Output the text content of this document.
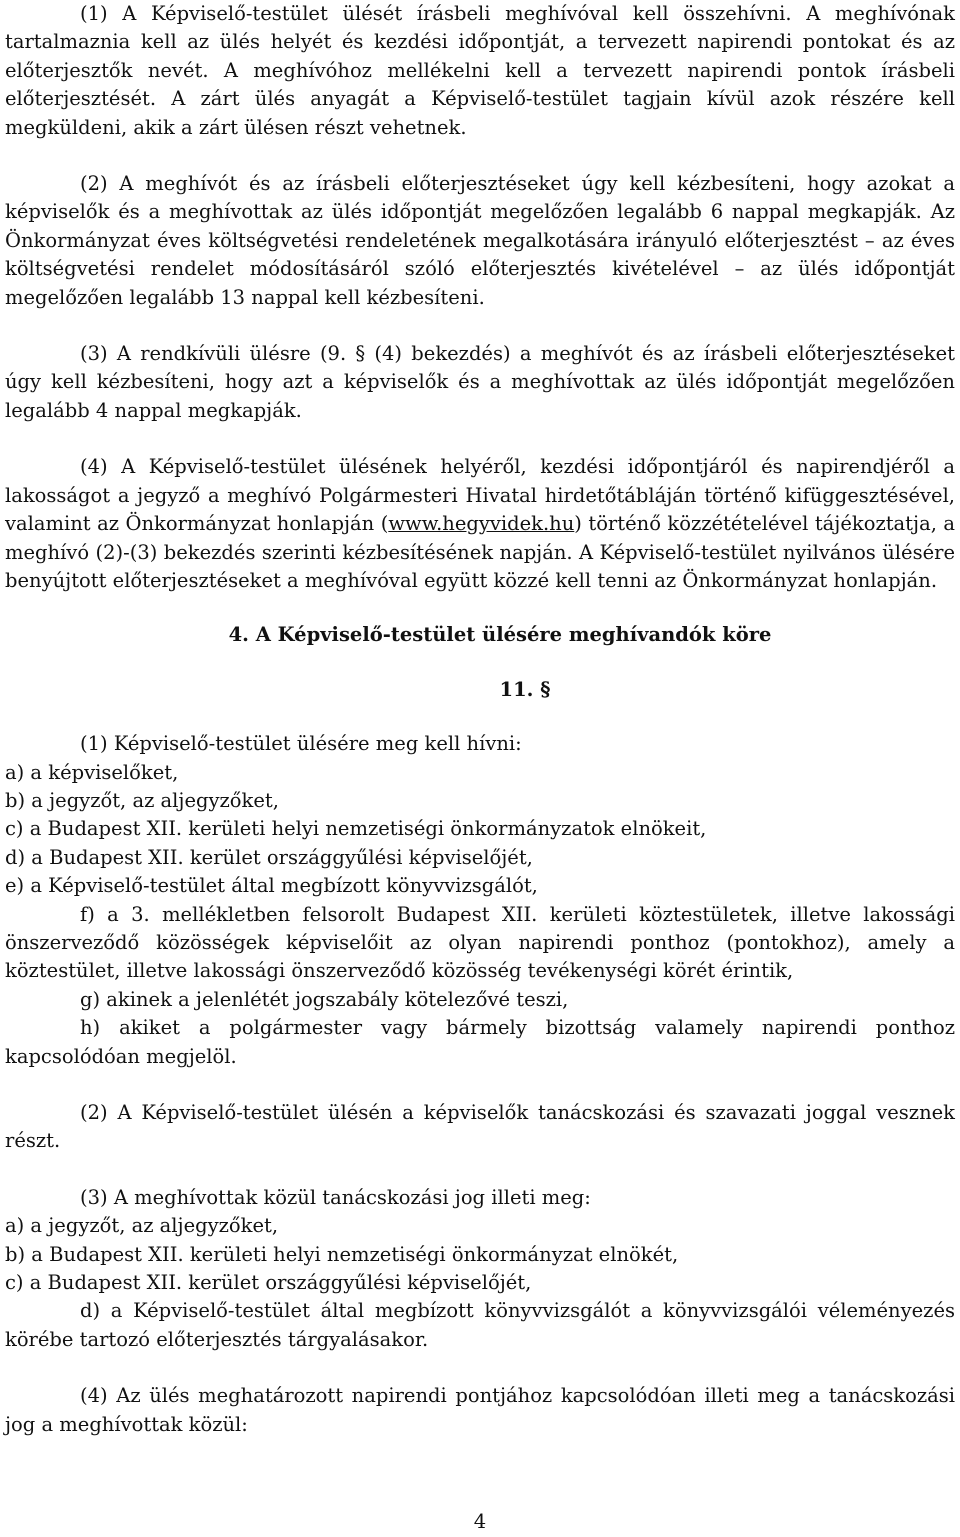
(1) A Képviselő-testület ülését írásbeli meghívóval kell összehívni. A meghívónak tartalmaznia kell az ülés helyét és kezdési időpontját, a tervezett napirendi pontokat és az előterjesztők nevét. A meghívóhoz mellékelni kell a tervezett napirendi pontok írásbeli előterjesztését. A zárt ülés anyagát a Képviselő-testület tagjain kívül azok részére kell megküldeni, akik a zárt ülésen részt vehetnek.

(2) A meghívót és az írásbeli előterjesztéseket úgy kell kézbesíteni, hogy azokat a képviselők és a meghívottak az ülés időpontját megelőzően legalább 6 nappal megkapják. Az Önkormányzat éves költségvetési rendeletének megalkotására irányuló előterjesztést – az éves költségvetési rendelet módosításáról szóló előterjesztés kivételével – az ülés időpontját megelőzően legalább 13 nappal kell kézbesíteni.

(3) A rendkívüli ülésre (9. § (4) bekezdés) a meghívót és az írásbeli előterjesztéseket úgy kell kézbesíteni, hogy azt a képviselők és a meghívottak az ülés időpontját megelőzően legalább 4 nappal megkapják.

(4) A Képviselő-testület ülésének helyéről, kezdési időpontjáról és napirendjéről a lakosságot a jegyző a meghívó Polgármesteri Hivatal hirdetőtábláján történő kifüggesztésével, valamint az Önkormányzat honlapján (www.hegyvidek.hu) történő közzétételével tájékoztatja, a meghívó (2)-(3) bekezdés szerinti kézbesítésének napján. A Képviselő-testület nyilvános ülésére benyújtott előterjesztéseket a meghívóval együtt közzé kell tenni az Önkormányzat honlapján.

4. A Képviselő-testület ülésére meghívandók köre

11. §

(1) Képviselő-testület ülésére meg kell hívni:

a) a képviselőket,

b) a jegyzőt, az aljegyzőket,

c) a Budapest XII. kerületi helyi nemzetiségi önkormányzatok elnökeit,

d) a Budapest XII. kerület országgyűlési képviselőjét,

e) a Képviselő-testület által megbízott könyvvizsgálót,

f) a 3. mellékletben felsorolt Budapest XII. kerületi köztestületek, illetve lakossági önszerveződő közösségek képviselőit az olyan napirendi ponthoz (pontokhoz), amely a köztestület, illetve lakossági önszerveződő közösség tevékenységi körét érintik,

g) akinek a jelenlétét jogszabály kötelezővé teszi,

h) akiket a polgármester vagy bármely bizottság valamely napirendi ponthoz kapcsolódóan megjelöl.

(2) A Képviselő-testület ülésén a képviselők tanácskozási és szavazati joggal vesznek részt.

(3) A meghívottak közül tanácskozási jog illeti meg:

a) a jegyzőt, az aljegyzőket,

b) a Budapest XII. kerületi helyi nemzetiségi önkormányzat elnökét,

c) a Budapest XII. kerület országgyűlési képviselőjét,

d) a Képviselő-testület által megbízott könyvvizsgálót a könyvvizsgálói véleményezés körébe tartozó előterjesztés tárgyalásakor.

(4) Az ülés meghatározott napirendi pontjához kapcsolódóan illeti meg a tanácskozási jog a meghívottak közül:

4
